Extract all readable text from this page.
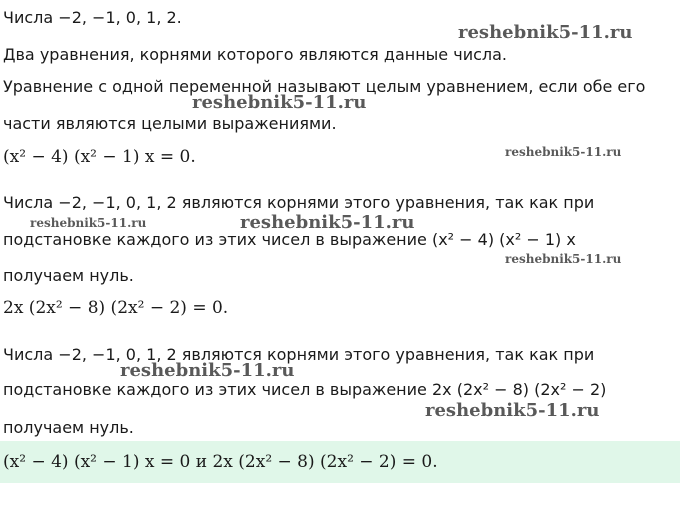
Числа −2, −1, 0, 1, 2.
Два уравнения, корнями которого являются данные числа.
Уравнение с одной переменной называют целым уравнением, если обе его
части являются целыми выражениями.
(x² − 4) (x² − 1) x = 0.
Числа −2, −1, 0, 1, 2 являются корнями этого уравнения, так как при
подстановке каждого из этих чисел в выражение (x² − 4) (x² − 1) x
получаем нуль.
2x (2x² − 8) (2x² − 2) = 0.
Числа −2, −1, 0, 1, 2 являются корнями этого уравнения, так как при
подстановке каждого из этих чисел в выражение 2x (2x² − 8) (2x² − 2)
получаем нуль.
(x² − 4) (x² − 1) x = 0 и 2x (2x² − 8) (2x² − 2) = 0.
reshebnik5-11.ru
reshebnik5-11.ru
reshebnik5-11.ru
reshebnik5-11.ru	reshebnik5-11.ru
reshebnik5-11.ru
reshebnik5-11.ru
reshebnik5-11.ru
